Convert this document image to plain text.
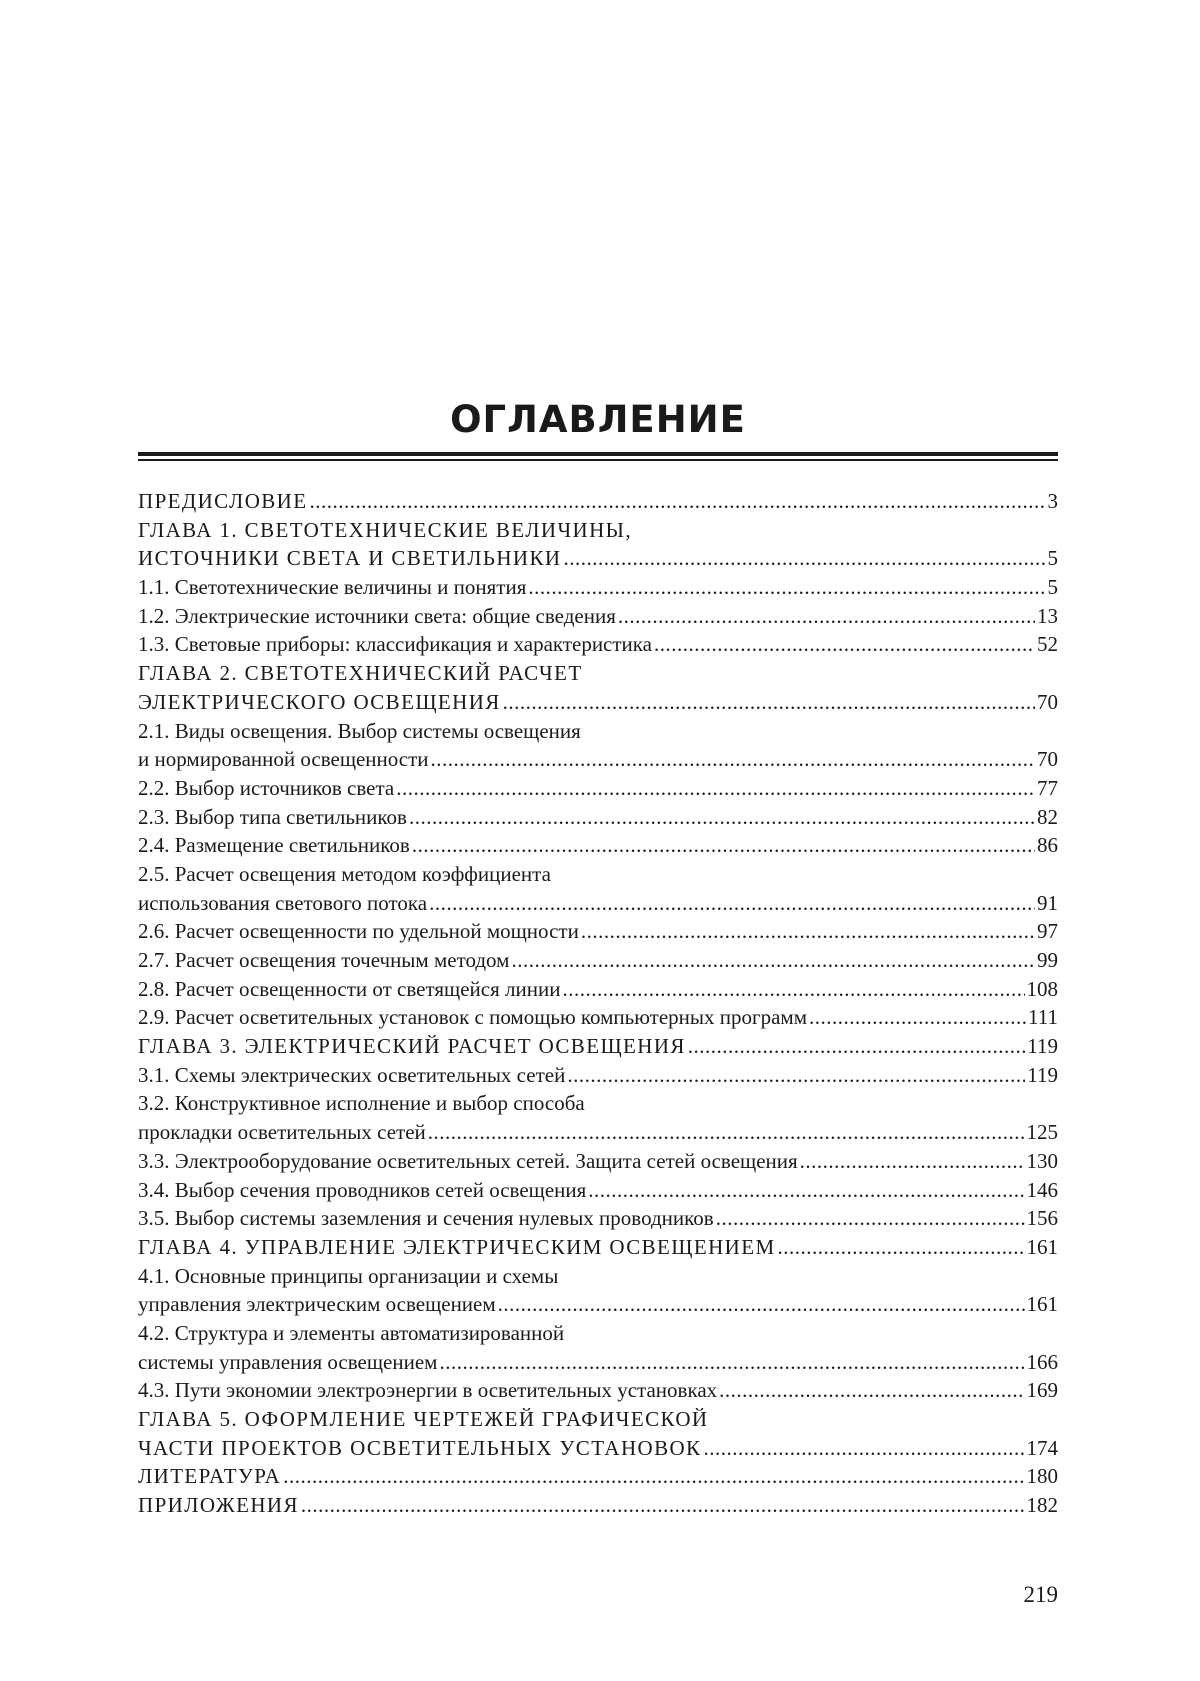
ОГЛАВЛЕНИЕ
ПРЕДИСЛОВИЕ .....	3
ГЛАВА 1. СВЕТОТЕХНИЧЕСКИЕ ВЕЛИЧИНЫ,
ИСТОЧНИКИ СВЕТА И СВЕТИЛЬНИКИ .....	5
1.1. Светотехнические величины и понятия .....	5
1.2. Электрические источники света: общие сведения .....	13
1.3. Световые приборы: классификация и характеристика .....	52
ГЛАВА 2. СВЕТОТЕХНИЧЕСКИЙ РАСЧЕТ
ЭЛЕКТРИЧЕСКОГО ОСВЕЩЕНИЯ .....	70
2.1. Виды освещения. Выбор системы освещения
и нормированной освещенности .....	70
2.2. Выбор источников света .....	77
2.3. Выбор типа светильников .....	82
2.4. Размещение светильников .....	86
2.5. Расчет освещения методом коэффициента
использования светового потока .....	91
2.6. Расчет освещенности по удельной мощности .....	97
2.7. Расчет освещения точечным методом .....	99
2.8. Расчет освещенности от светящейся линии .....	108
2.9. Расчет осветительных установок с помощью компьютерных программ .....	111
ГЛАВА 3. ЭЛЕКТРИЧЕСКИЙ РАСЧЕТ ОСВЕЩЕНИЯ .....	119
3.1. Схемы электрических осветительных сетей .....	119
3.2. Конструктивное исполнение и выбор способа
прокладки осветительных сетей .....	125
3.3. Электрооборудование осветительных сетей. Защита сетей освещения .....	130
3.4. Выбор сечения проводников сетей освещения .....	146
3.5. Выбор системы заземления и сечения нулевых проводников .....	156
ГЛАВА 4. УПРАВЛЕНИЕ ЭЛЕКТРИЧЕСКИМ ОСВЕЩЕНИЕМ .....	161
4.1. Основные принципы организации и схемы
управления электрическим освещением .....	161
4.2. Структура и элементы автоматизированной
системы управления освещением .....	166
4.3. Пути экономии электроэнергии в осветительных установках .....	169
ГЛАВА 5. ОФОРМЛЕНИЕ ЧЕРТЕЖЕЙ ГРАФИЧЕСКОЙ
ЧАСТИ ПРОЕКТОВ ОСВЕТИТЕЛЬНЫХ УСТАНОВОК .....	174
ЛИТЕРАТУРА .....	180
ПРИЛОЖЕНИЯ .....	182
219
